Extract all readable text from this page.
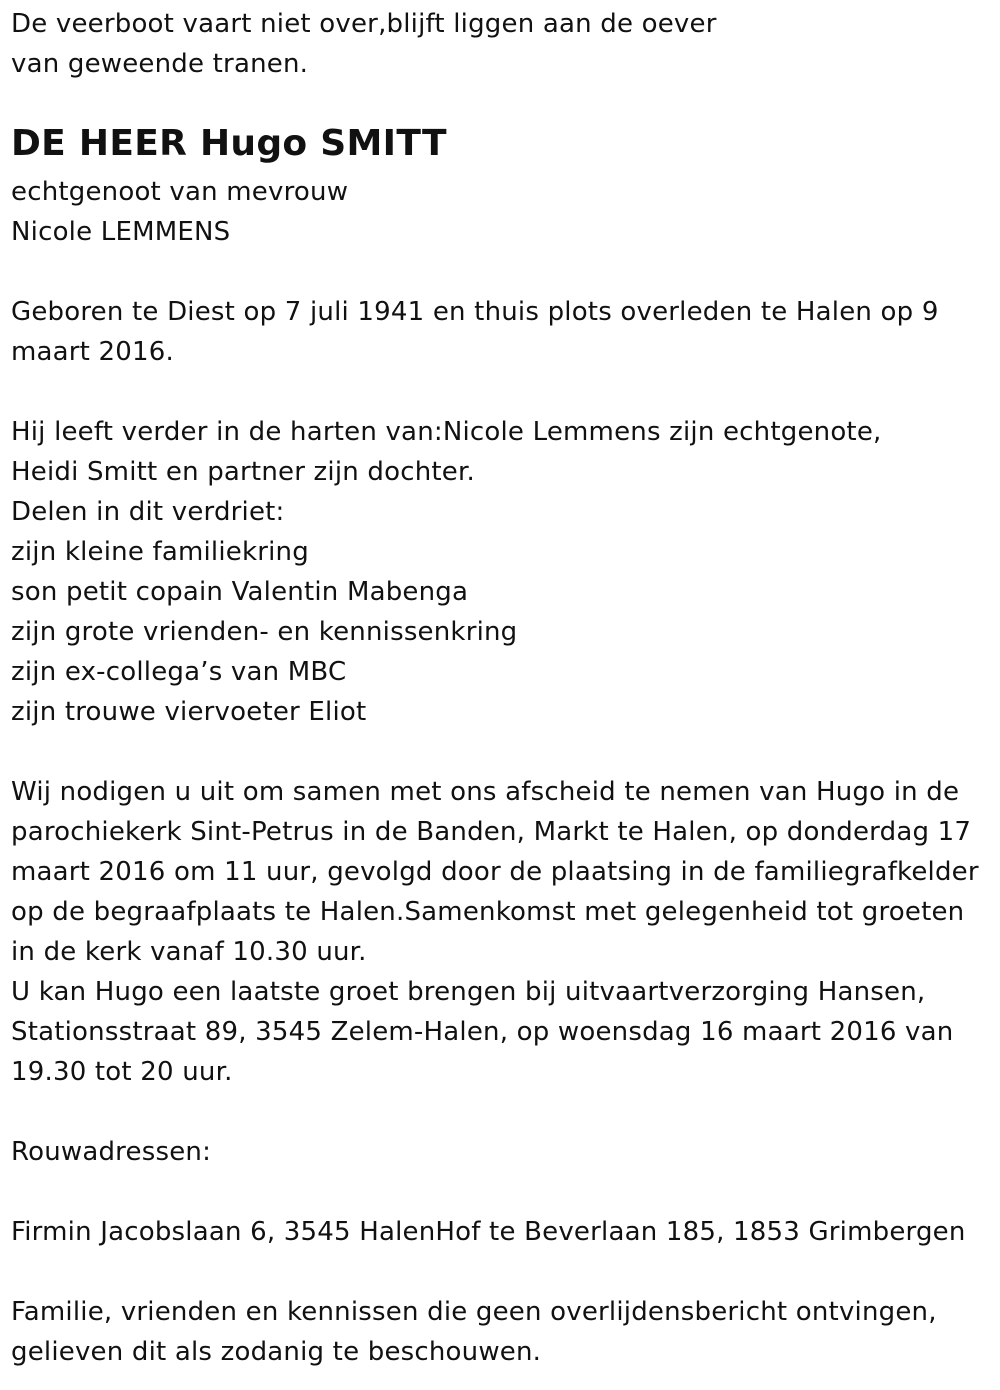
De veerboot vaart niet over,blijft liggen aan de oever
van geweende tranen.
DE HEER Hugo SMITT
echtgenoot van mevrouw
Nicole LEMMENS
Geboren te Diest op 7 juli 1941 en thuis plots overleden te Halen op 9
maart 2016.
Hij leeft verder in de harten van:Nicole Lemmens zijn echtgenote,
Heidi Smitt en partner zijn dochter.
Delen in dit verdriet:
zijn kleine familiekring
son petit copain Valentin Mabenga
zijn grote vrienden- en kennissenkring
zijn ex-collega’s van MBC
zijn trouwe viervoeter Eliot
Wij nodigen u uit om samen met ons afscheid te nemen van Hugo in de
parochiekerk Sint-Petrus in de Banden, Markt te Halen, op donderdag 17
maart 2016 om 11 uur, gevolgd door de plaatsing in de familiegrafkelder
op de begraafplaats te Halen.Samenkomst met gelegenheid tot groeten
in de kerk vanaf 10.30 uur.
U kan Hugo een laatste groet brengen bij uitvaartverzorging Hansen,
Stationsstraat 89, 3545 Zelem-Halen, op woensdag 16 maart 2016 van
19.30 tot 20 uur.
Rouwadressen:
Firmin Jacobslaan 6, 3545 HalenHof te Beverlaan 185, 1853 Grimbergen
Familie, vrienden en kennissen die geen overlijdensbericht ontvingen,
gelieven dit als zodanig te beschouwen.
